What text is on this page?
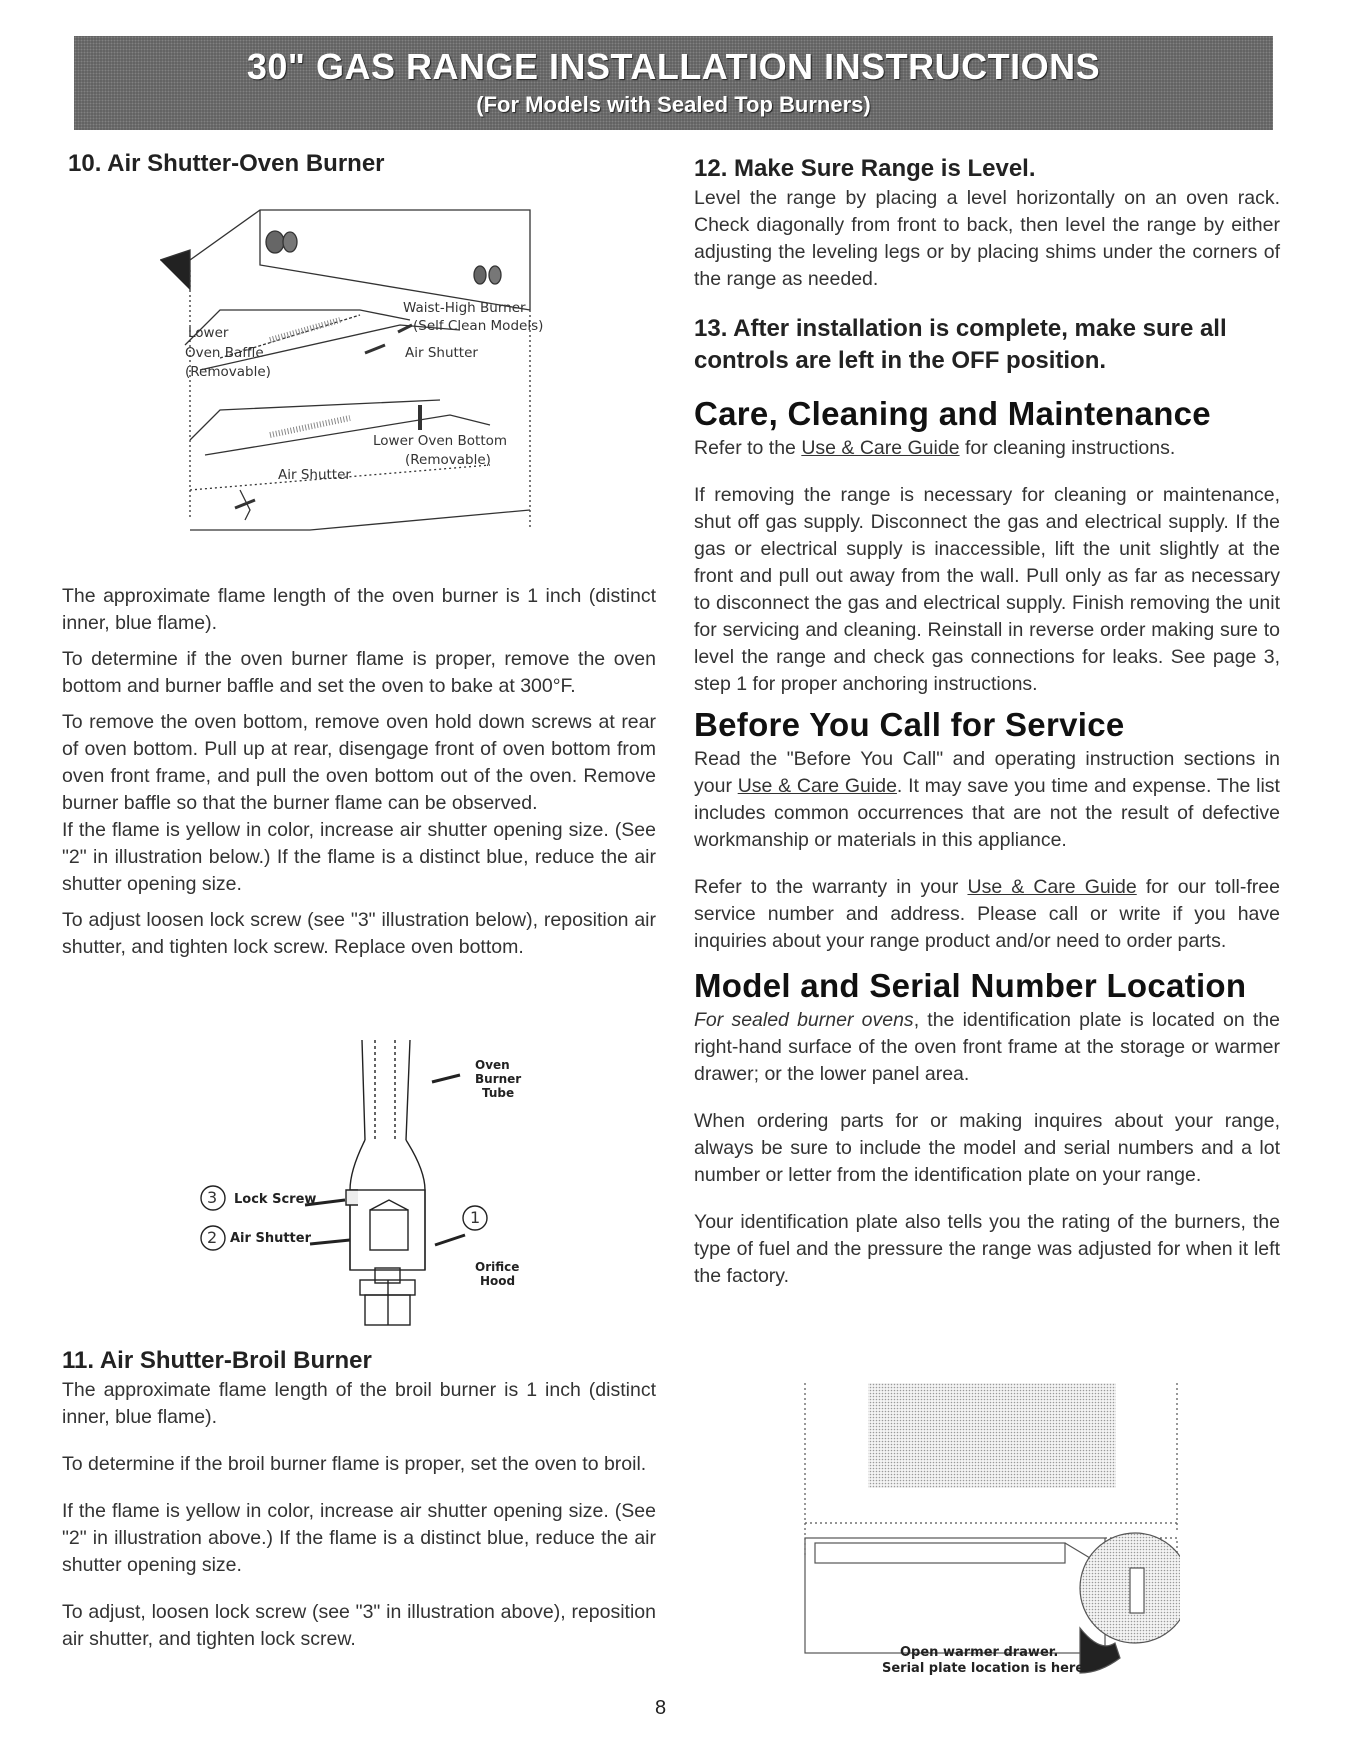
30" GAS RANGE INSTALLATION INSTRUCTIONS
(For Models with Sealed Top Burners)
10. Air Shutter-Oven Burner
Waist-High Burner
(Self Clean Models)
Lower
Oven Baffle
(Removable)
Air Shutter
Lower Oven Bottom
(Removable)
Air Shutter

The approximate flame length of the oven burner is 1 inch (distinct inner, blue flame).

To determine if the oven burner flame is proper, remove the oven bottom and burner baffle and set the oven to bake at 300°F.

To remove the oven bottom, remove oven hold down screws at rear of oven bottom. Pull up at rear, disengage front of oven bottom from oven front frame, and pull the oven bottom out of the oven. Remove burner baffle so that the burner flame can be observed.

If the flame is yellow in color, increase air shutter opening size. (See "2" in illustration below.) If the flame is a distinct blue, reduce the air shutter opening size.

To adjust loosen lock screw (see "3" illustration below), reposition air shutter, and tighten lock screw. Replace oven bottom.

Oven
Burner
Tube
3 Lock Screw
2 Air Shutter
1
Orifice
Hood
11. Air Shutter-Broil Burner

The approximate flame length of the broil burner is 1 inch (distinct inner, blue flame).

To determine if the broil burner flame is proper, set the oven to broil.

If the flame is yellow in color, increase air shutter opening size. (See "2" in illustration above.) If the flame is a distinct blue, reduce the air shutter opening size.

To adjust, loosen lock screw (see "3" in illustration above), reposition air shutter, and tighten lock screw.

12. Make Sure Range is Level.

Level the range by placing a level horizontally on an oven rack. Check diagonally from front to back, then level the range by either adjusting the leveling legs or by placing shims under the corners of the range as needed.

13. After installation is complete, make sure all controls are left in the OFF position.
Care, Cleaning and Maintenance

Refer to the Use & Care Guide for cleaning instructions.

If removing the range is necessary for cleaning or maintenance, shut off gas supply. Disconnect the gas and electrical supply. If the gas or electrical supply is inaccessible, lift the unit slightly at the front and pull out away from the wall. Pull only as far as necessary to disconnect the gas and electrical supply. Finish removing the unit for servicing and cleaning. Reinstall in reverse order making sure to level the range and check gas connections for leaks. See page 3, step 1 for proper anchoring instructions.

Before You Call for Service

Read the "Before You Call" and operating instruction sections in your Use & Care Guide. It may save you time and expense. The list includes common occurrences that are not the result of defective workmanship or materials in this appliance.

Refer to the warranty in your Use & Care Guide for our toll-free service number and address. Please call or write if you have inquiries about your range product and/or need to order parts.

Model and Serial Number Location

For sealed burner ovens, the identification plate is located on the right-hand surface of the oven front frame at the storage or warmer drawer; or the lower panel area.

When ordering parts for or making inquires about your range, always be sure to include the model and serial numbers and a lot number or letter from the identification plate on your range.

Your identification plate also tells you the rating of the burners, the type of fuel and the pressure the range was adjusted for when it left the factory.

Open warmer drawer.
Serial plate location is here
8
